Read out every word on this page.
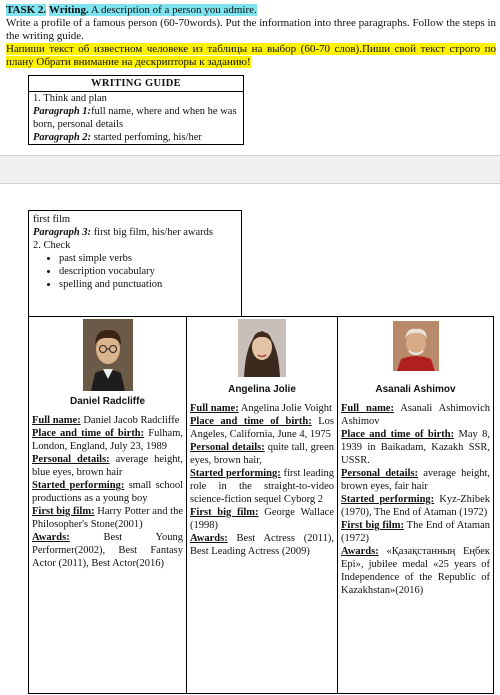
TASK 2. Writing. A description of a person you admire.
Write a profile of a famous person (60-70words). Put the information into three paragraphs. Follow the steps in the writing guide.
Напиши текст об известном человеке из таблицы на выбор (60-70 слов).Пиши свой текст строго по плану Обрати внимание на дескрипторы к заданию!
WRITING GUIDE
1. Think and plan
Paragraph 1:full name, where and when he was born, personal details
Paragraph 2: started perfoming, his/her
first film
Paragraph 3: first big film, his/her awards
2. Check
• past simple verbs
• description vocabulary
• spelling and punctuation
Daniel Radcliffe
Full name: Daniel Jacob Radcliffe
Place and time of birth: Fulham, London, England, July 23, 1989
Personal details: average height, blue eyes, brown hair
Started performing: small school productions as a young boy
First big film: Harry Potter and the Philosopher's Stone(2001)
Awards: Best Young Performer(2002), Best Fantasy Actor (2011), Best Actor(2016)
Angelina Jolie
Full name: Angelina Jolie Voight
Place and time of birth: Los Angeles, California, June 4, 1975
Personal details: quite tall, green eyes, brown hair,
Started performing: first leading role in the straight-to-video science-fiction sequel Cyborg 2
First big film: George Wallace (1998)
Awards: Best Actress (2011), Best Leading Actress (2009)
Asanali Ashimov
Full name: Asanali Ashimovich Ashimov
Place and time of birth: May 8, 1939 in Baikadam, Kazakh SSR, USSR.
Personal details: average height, brown eyes, fair hair
Started performing: Kyz-Zhibek (1970), The End of Ataman (1972)
First big film: The End of Ataman (1972)
Awards: «Қазақстанның Еңбек Ері», jubilee medal «25 years of Independence of the Republic of Kazakhstan»(2016)
